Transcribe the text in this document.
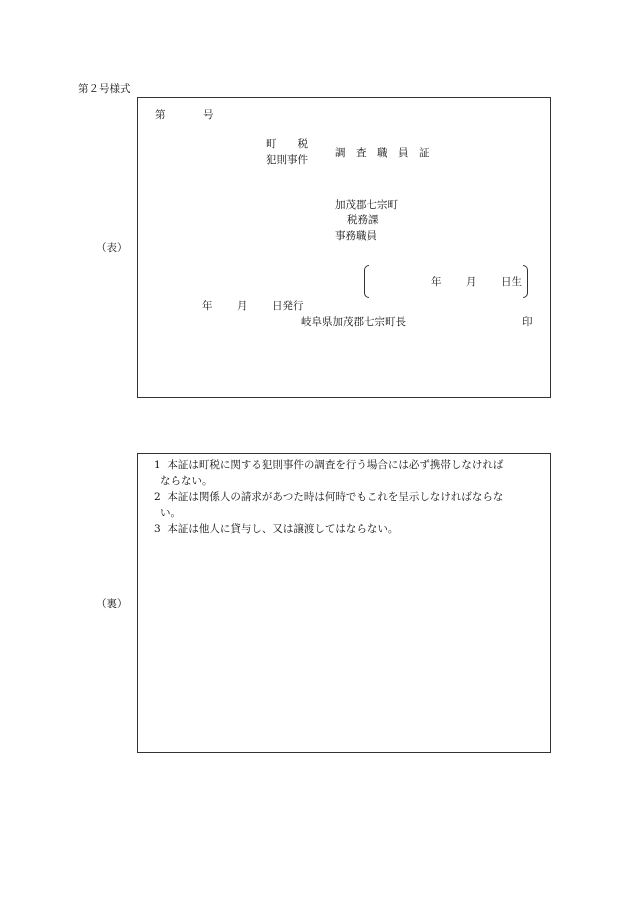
第２号様式
（表）
第	号
町　　税
犯則事件
調　査　職　員　証
加茂郡七宗町
税務課
事務職員
年 月 日生
年 月 日発行
岐阜県加茂郡七宗町長	印
（裏）
1 本証は町税に関する犯則事件の調査を行う場合には必ず携帯しなければ
ならない。
2 本証は関係人の請求があつた時は何時でもこれを呈示しなければならな
い。
3 本証は他人に貸与し、又は譲渡してはならない。
